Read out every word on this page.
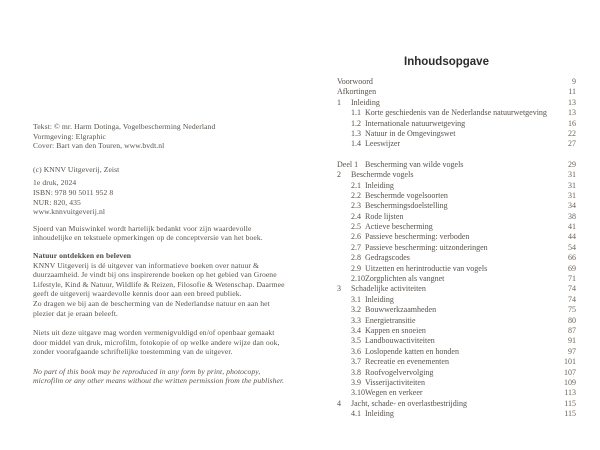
Tekst: © mr. Harm Dotinga, Vogelbescherming Nederland
Vormgeving: Elgraphic
Cover: Bart van den Touren, www.bvdt.nl

(c) KNNV Uitgeverij, Zeist
1e druk, 2024
ISBN: 978 90 5011 952 8
NUR: 820, 435
www.knnvuitgeverij.nl

Sjoerd van Muiswinkel wordt hartelijk bedankt voor zijn waardevolle inhoudelijke en tekstuele opmerkingen op de conceptversie van het boek.

Natuur ontdekken en beleven

KNNV Uitgeverij is dé uitgever van informatieve boeken over natuur & duurzaamheid. Je vindt bij ons inspirerende boeken op het gebied van Groene Lifestyle, Kind & Natuur, Wildlife & Reizen, Filosofie & Wetenschap. Daarmee geeft de uitgeverij waardevolle kennis door aan een breed publiek.

Zo dragen we bij aan de bescherming van de Nederlandse natuur en aan het plezier dat je eraan beleeft.

Niets uit deze uitgave mag worden vermenigvuldigd en/of openbaar gemaakt door middel van druk, microfilm, fotokopie of op welke andere wijze dan ook, zonder voorafgaande schriftelijke toestemming van de uitgever.

No part of this book may be reproduced in any form by print, photocopy, microfilm or any other means without the written permission from the publisher.

Inhoudsopgave
Voorwoord	9
Afkortingen	11
1	Inleiding	13
1.1 Korte geschiedenis van de Nederlandse natuurwetgeving	13
1.2 Internationale natuurwetgeving	16
1.3 Natuur in de Omgevingswet	22
1.4 Leeswijzer	27
Deel 1 Bescherming van wilde vogels	29
2	Beschermde vogels	31
2.1 Inleiding	31
2.2 Beschermde vogelsoorten	31
2.3 Beschermingsdoelstelling	34
2.4 Rode lijsten	38
2.5 Actieve bescherming	41
2.6 Passieve bescherming: verboden	44
2.7 Passieve bescherming: uitzonderingen	54
2.8 Gedragscodes	66
2.9 Uitzetten en herintroductie van vogels	69
2.10 Zorgplichten als vangnet	71
3	Schadelijke activiteiten	74
3.1 Inleiding	74
3.2 Bouwwerkzaamheden	75
3.3 Energietransitie	80
3.4 Kappen en snoeien	87
3.5 Landbouwactiviteiten	91
3.6 Loslopende katten en honden	97
3.7 Recreatie en evenementen	101
3.8 Roofvogelvervolging	107
3.9 Visserijactiviteiten	109
3.10 Wegen en verkeer	113
4	Jacht, schade- en overlastbestrijding	115
4.1 Inleiding	115
